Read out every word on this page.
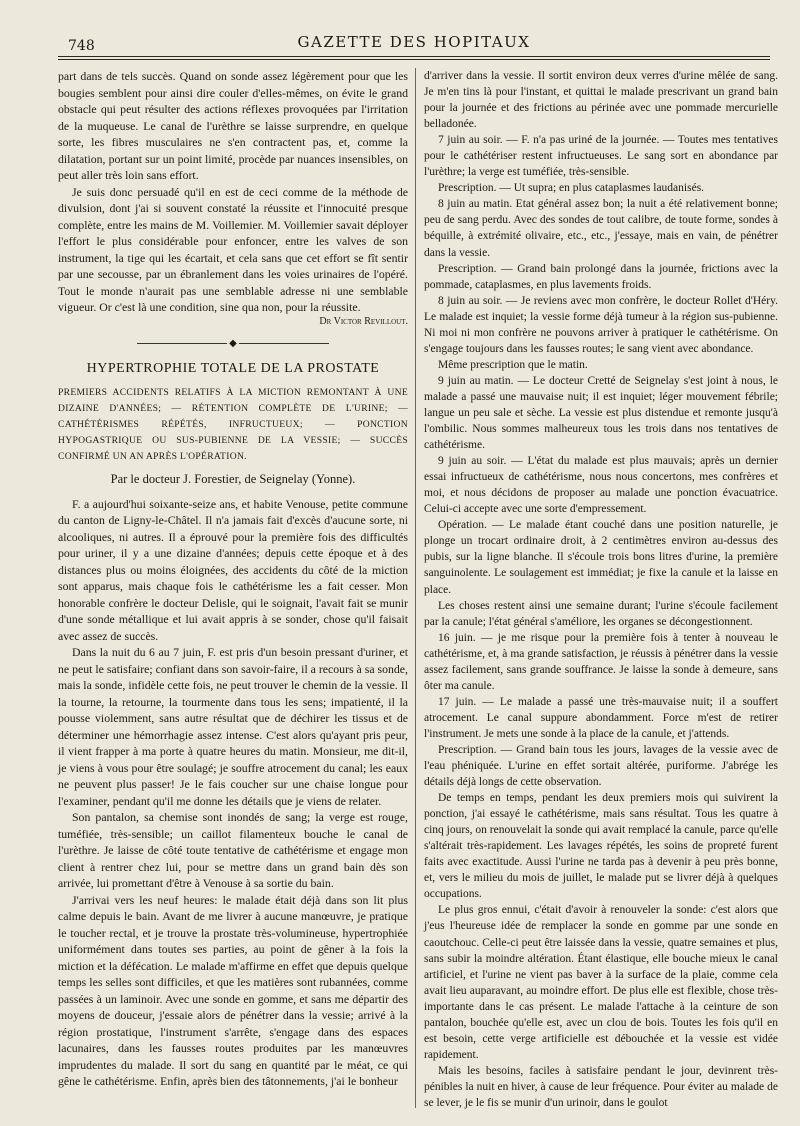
748	GAZETTE DES HOPITAUX

part dans de tels succès. Quand on sonde assez légèrement pour que les bougies semblent pour ainsi dire couler d'elles-mêmes, on évite le grand obstacle qui peut résulter des actions réflexes provoquées par l'irritation de la muqueuse. Le canal de l'urèthre se laisse surprendre, en quelque sorte, les fibres musculaires ne s'en contractent pas, et, comme la dilatation, portant sur un point limité, procède par nuances insensibles, on peut aller très loin sans effort.

Je suis donc persuadé qu'il en est de ceci comme de la méthode de divulsion, dont j'ai si souvent constaté la réussite et l'innocuité presque complète, entre les mains de M. Voillemier. M. Voillemier savait déployer l'effort le plus considérable pour enfoncer, entre les valves de son instrument, la tige qui les écartait, et cela sans que cet effort se fît sentir par une secousse, par un ébranlement dans les voies urinaires de l'opéré. Tout le monde n'aurait pas une semblable adresse ni une semblable vigueur. Or c'est là une condition, sine qua non, pour la réussite.

Dr Victor Revillout.
◆
HYPERTROPHIE TOTALE DE LA PROSTATE
PREMIERS ACCIDENTS RELATIFS À LA MICTION REMONTANT À UNE DIZAINE D'ANNÉES; — RÉTENTION COMPLÈTE DE L'URINE; — CATHÉTÉRISMES RÉPÉTÉS, INFRUCTUEUX; — PONCTION HYPOGASTRIQUE OU SUS-PUBIENNE DE LA VESSIE; — SUCCÈS CONFIRMÉ UN AN APRÈS L'OPÉRATION.
Par le docteur J. Forestier, de Seignelay (Yonne).

F. a aujourd'hui soixante-seize ans, et habite Venouse, petite commune du canton de Ligny-le-Châtel. Il n'a jamais fait d'excès d'aucune sorte, ni alcooliques, ni autres. Il a éprouvé pour la première fois des difficultés pour uriner, il y a une dizaine d'années; depuis cette époque et à des distances plus ou moins éloignées, des accidents du côté de la miction sont apparus, mais chaque fois le cathétérisme les a fait cesser. Mon honorable confrère le docteur Delisle, qui le soignait, l'avait fait se munir d'une sonde métallique et lui avait appris à se sonder, chose qu'il faisait avec assez de succès.

Dans la nuit du 6 au 7 juin, F. est pris d'un besoin pressant d'uriner, et ne peut le satisfaire; confiant dans son savoir-faire, il a recours à sa sonde, mais la sonde, infidèle cette fois, ne peut trouver le chemin de la vessie. Il la tourne, la retourne, la tourmente dans tous les sens; impatienté, il la pousse violemment, sans autre résultat que de déchirer les tissus et de déterminer une hémorrhagie assez intense. C'est alors qu'ayant pris peur, il vient frapper à ma porte à quatre heures du matin. Monsieur, me dit-il, je viens à vous pour être soulagé; je souffre atrocement du canal; les eaux ne peuvent plus passer! Je le fais coucher sur une chaise longue pour l'examiner, pendant qu'il me donne les détails que je viens de relater.

Son pantalon, sa chemise sont inondés de sang; la verge est rouge, tuméfiée, très-sensible; un caillot filamenteux bouche le canal de l'urèthre. Je laisse de côté toute tentative de cathétérisme et engage mon client à rentrer chez lui, pour se mettre dans un grand bain dès son arrivée, lui promettant d'être à Venouse à sa sortie du bain.

J'arrivai vers les neuf heures: le malade était déjà dans son lit plus calme depuis le bain. Avant de me livrer à aucune manœuvre, je pratique le toucher rectal, et je trouve la prostate très-volumineuse, hypertrophiée uniformément dans toutes ses parties, au point de gêner à la fois la miction et la défécation. Le malade m'affirme en effet que depuis quelque temps les selles sont difficiles, et que les matières sont rubannées, comme passées à un laminoir. Avec une sonde en gomme, et sans me départir des moyens de douceur, j'essaie alors de pénétrer dans la vessie; arrivé à la région prostatique, l'instrument s'arrête, s'engage dans des espaces lacunaires, dans les fausses routes produites par les manœuvres imprudentes du malade. Il sort du sang en quantité par le méat, ce qui gêne le cathétérisme. Enfin, après bien des tâtonnements, j'ai le bonheur

d'arriver dans la vessie. Il sortit environ deux verres d'urine mêlée de sang. Je m'en tins là pour l'instant, et quittai le malade prescrivant un grand bain pour la journée et des frictions au périnée avec une pommade mercurielle belladonée.

7 juin au soir. — F. n'a pas uriné de la journée. — Toutes mes tentatives pour le cathétériser restent infructueuses. Le sang sort en abondance par l'urèthre; la verge est tuméfiée, très-sensible.

Prescription. — Ut supra; en plus cataplasmes laudanisés.

8 juin au matin. Etat général assez bon; la nuit a été relativement bonne; peu de sang perdu. Avec des sondes de tout calibre, de toute forme, sondes à béquille, à extrémité olivaire, etc., etc., j'essaye, mais en vain, de pénétrer dans la vessie.

Prescription. — Grand bain prolongé dans la journée, frictions avec la pommade, cataplasmes, en plus lavements froids.

8 juin au soir. — Je reviens avec mon confrère, le docteur Rollet d'Héry. Le malade est inquiet; la vessie forme déjà tumeur à la région sus-pubienne. Ni moi ni mon confrère ne pouvons arriver à pratiquer le cathétérisme. On s'engage toujours dans les fausses routes; le sang vient avec abondance.

Même prescription que le matin.

9 juin au matin. — Le docteur Cretté de Seignelay s'est joint à nous, le malade a passé une mauvaise nuit; il est inquiet; léger mouvement fébrile; langue un peu sale et sèche. La vessie est plus distendue et remonte jusqu'à l'ombilic. Nous sommes malheureux tous les trois dans nos tentatives de cathétérisme.

9 juin au soir. — L'état du malade est plus mauvais; après un dernier essai infructueux de cathétérisme, nous nous concertons, mes confrères et moi, et nous décidons de proposer au malade une ponction évacuatrice. Celui-ci accepte avec une sorte d'empressement.

Opération. — Le malade étant couché dans une position naturelle, je plonge un trocart ordinaire droit, à 2 centimètres environ au-dessus des pubis, sur la ligne blanche. Il s'écoule trois bons litres d'urine, la première sanguinolente. Le soulagement est immédiat; je fixe la canule et la laisse en place.

Les choses restent ainsi une semaine durant; l'urine s'écoule facilement par la canule; l'état général s'améliore, les organes se décongestionnent.

16 juin. — je me risque pour la première fois à tenter à nouveau le cathétérisme, et, à ma grande satisfaction, je réussis à pénétrer dans la vessie assez facilement, sans grande souffrance. Je laisse la sonde à demeure, sans ôter ma canule.

17 juin. — Le malade a passé une très-mauvaise nuit; il a souffert atrocement. Le canal suppure abondamment. Force m'est de retirer l'instrument. Je mets une sonde à la place de la canule, et j'attends.

Prescription. — Grand bain tous les jours, lavages de la vessie avec de l'eau phéniquée. L'urine en effet sortait altérée, puriforme. J'abrége les détails déjà longs de cette observation.

De temps en temps, pendant les deux premiers mois qui suivirent la ponction, j'ai essayé le cathétérisme, mais sans résultat. Tous les quatre à cinq jours, on renouvelait la sonde qui avait remplacé la canule, parce qu'elle s'altérait très-rapidement. Les lavages répétés, les soins de propreté furent faits avec exactitude. Aussi l'urine ne tarda pas à devenir à peu près bonne, et, vers le milieu du mois de juillet, le malade put se livrer déjà à quelques occupations.

Le plus gros ennui, c'était d'avoir à renouveler la sonde: c'est alors que j'eus l'heureuse idée de remplacer la sonde en gomme par une sonde en caoutchouc. Celle-ci peut être laissée dans la vessie, quatre semaines et plus, sans subir la moindre altération. Étant élastique, elle bouche mieux le canal artificiel, et l'urine ne vient pas baver à la surface de la plaie, comme cela avait lieu auparavant, au moindre effort. De plus elle est flexible, chose très-importante dans le cas présent. Le malade l'attache à la ceinture de son pantalon, bouchée qu'elle est, avec un clou de bois. Toutes les fois qu'il en est besoin, cette verge artificielle est débouchée et la vessie est vidée rapidement.

Mais les besoins, faciles à satisfaire pendant le jour, devinrent très-pénibles la nuit en hiver, à cause de leur fréquence. Pour éviter au malade de se lever, je le fis se munir d'un urinoir, dans le goulot
